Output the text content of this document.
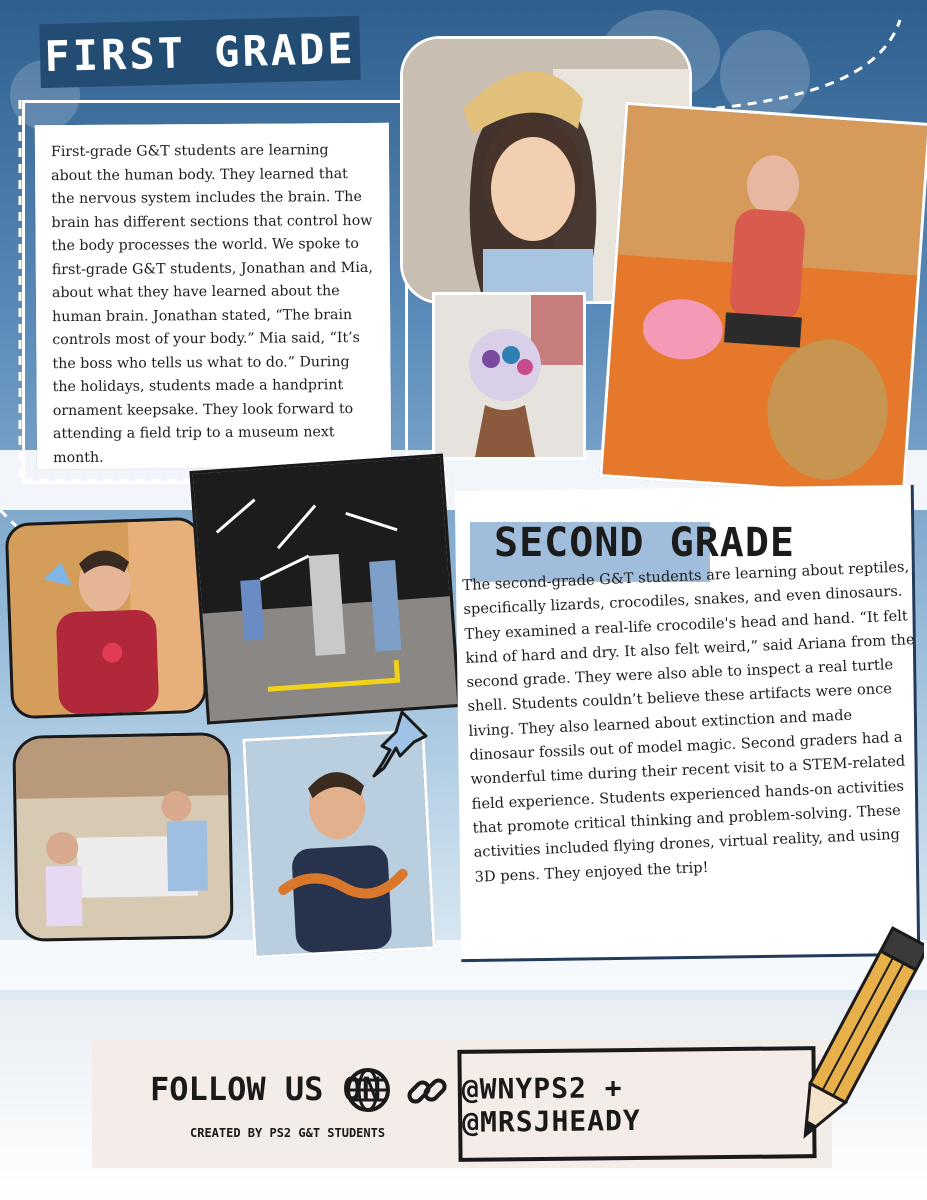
FIRST GRADE

First-grade G&T students are learning about the human body. They learned that the nervous system includes the brain. The brain has different sections that control how the body processes the world. We spoke to first-grade G&T students, Jonathan and Mia, about what they have learned about the human brain. Jonathan stated, “The brain controls most of your body.” Mia said, “It’s the boss who tells us what to do.” During the holidays, students made a handprint ornament keepsake. They look forward to attending a field trip to a museum next month.

SECOND GRADE
The second-grade G&T students are learning about reptiles, specifically lizards, crocodiles, snakes, and even dinosaurs. They examined a real-life crocodile's head and hand. “It felt kind of hard and dry. It also felt weird,” said Ariana from the second grade. They were also able to inspect a real turtle shell. Students couldn’t believe these artifacts were once living. They also learned about extinction and made dinosaur fossils out of model magic. Second graders had a wonderful time during their recent visit to a STEM-related field experience. Students experienced hands-on activities that promote critical thinking and problem-solving. These activities included flying drones, virtual reality, and using 3D pens. They enjoyed the trip!
FOLLOW US ON
CREATED BY PS2 G&T STUDENTS
@WNYPS2 + @MRSJHEADY
